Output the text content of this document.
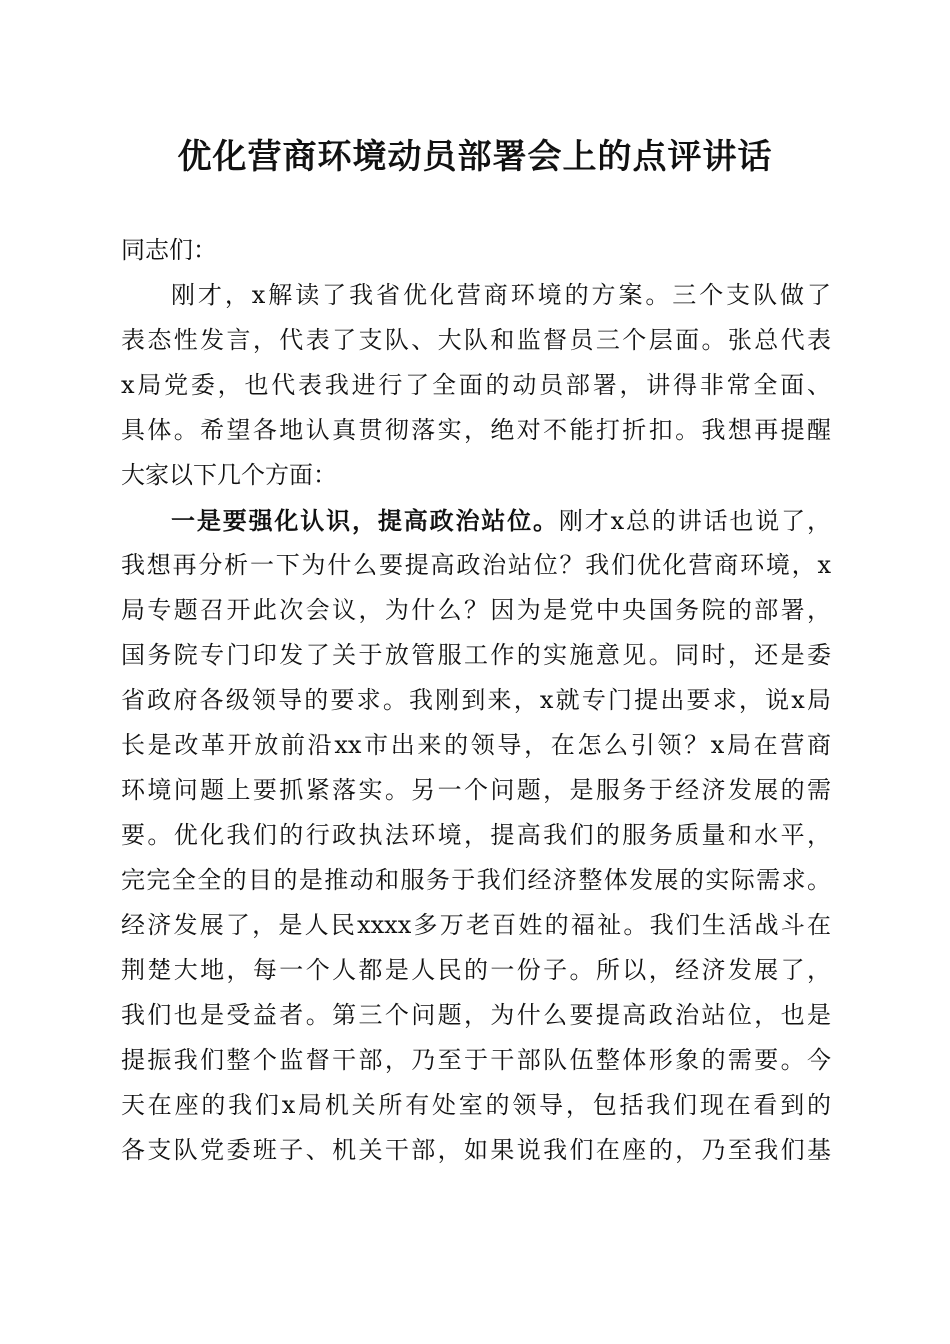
优化营商环境动员部署会上的点评讲话
同志们：
刚才，x解读了我省优化营商环境的方案。三个支队做了
表态性发言，代表了支队、大队和监督员三个层面。张总代表
x局党委，也代表我进行了全面的动员部署，讲得非常全面、
具体。希望各地认真贯彻落实，绝对不能打折扣。我想再提醒
大家以下几个方面：
一是要强化认识，提高政治站位。刚才x总的讲话也说了，
我想再分析一下为什么要提高政治站位？我们优化营商环境，x
局专题召开此次会议，为什么？因为是党中央国务院的部署，
国务院专门印发了关于放管服工作的实施意见。同时，还是委
省政府各级领导的要求。我刚到来，x就专门提出要求，说x局
长是改革开放前沿xx市出来的领导，在怎么引领？x局在营商
环境问题上要抓紧落实。另一个问题，是服务于经济发展的需
要。优化我们的行政执法环境，提高我们的服务质量和水平，
完完全全的目的是推动和服务于我们经济整体发展的实际需求。
经济发展了，是人民xxxx多万老百姓的福祉。我们生活战斗在
荆楚大地，每一个人都是人民的一份子。所以，经济发展了，
我们也是受益者。第三个问题，为什么要提高政治站位，也是
提振我们整个监督干部，乃至于干部队伍整体形象的需要。今
天在座的我们x局机关所有处室的领导，包括我们现在看到的
各支队党委班子、机关干部，如果说我们在座的，乃至我们基
